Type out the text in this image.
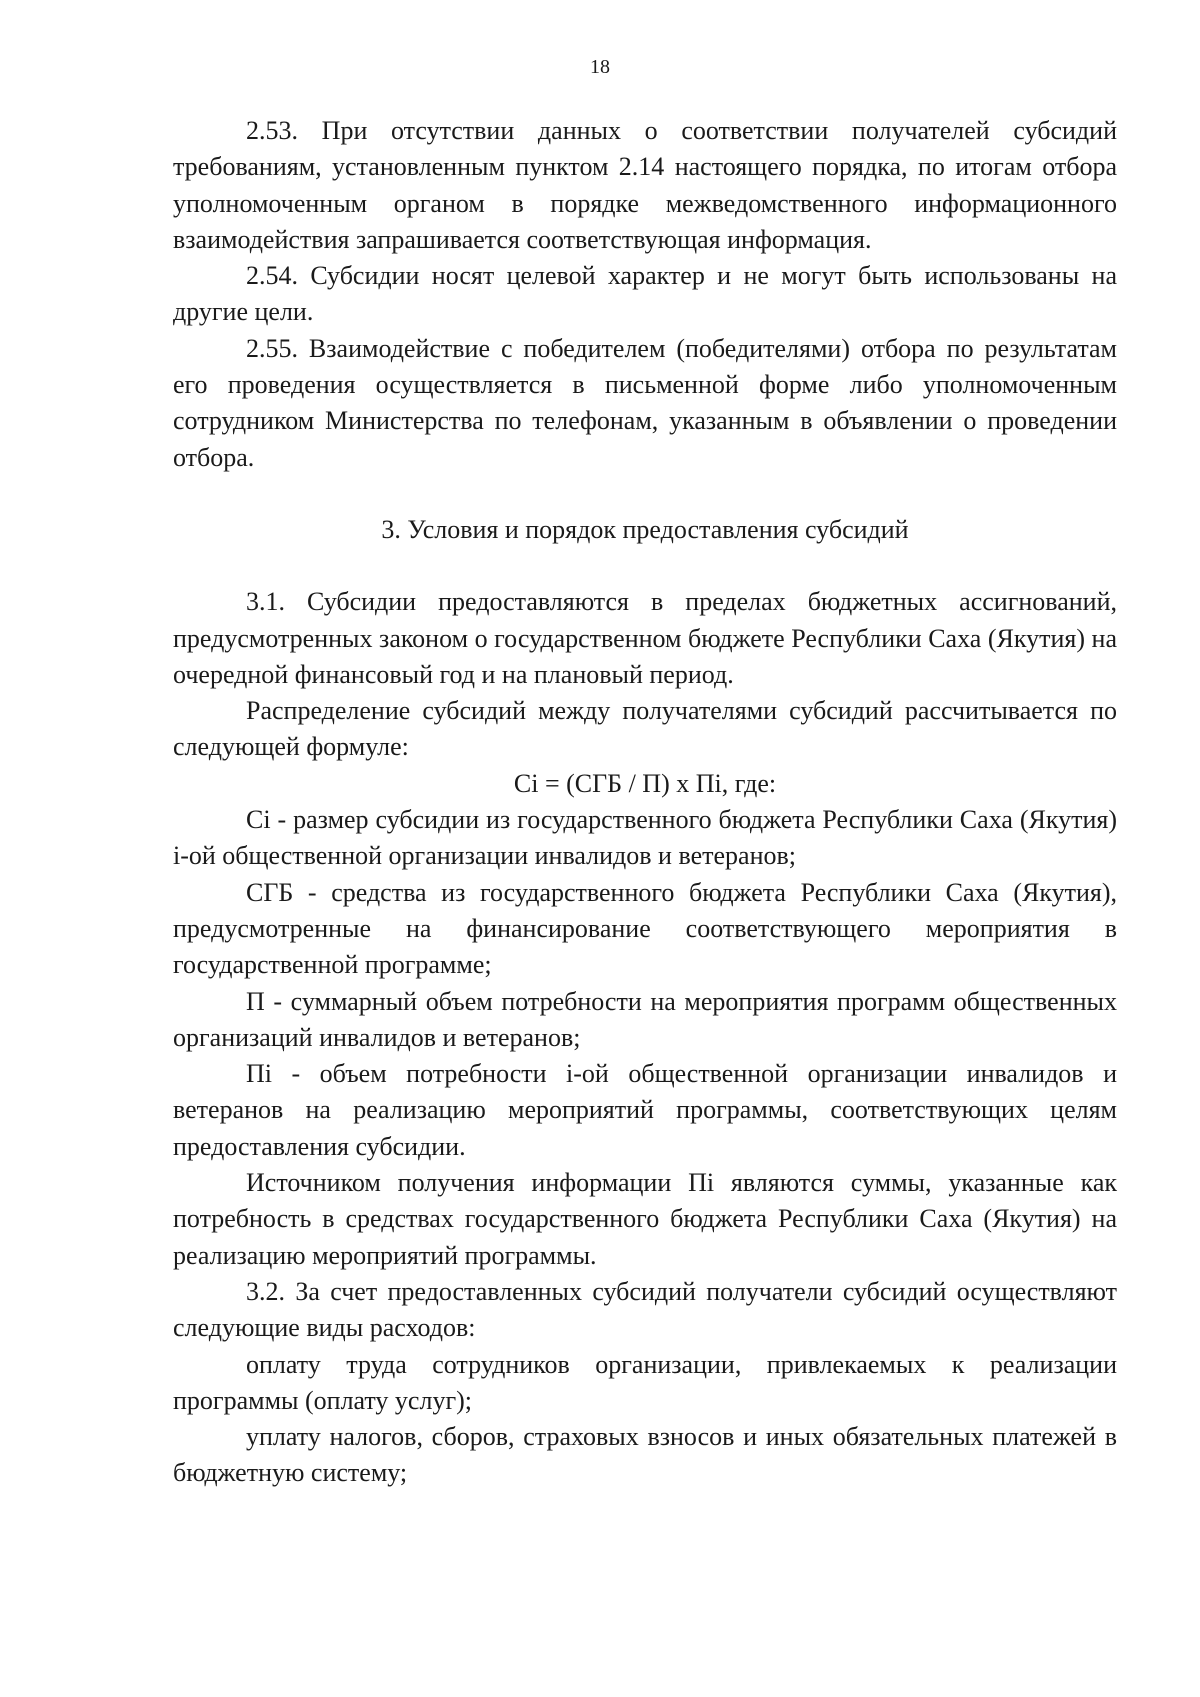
18

2.53. При отсутствии данных о соответствии получателей субсидий требованиям, установленным пунктом 2.14 настоящего порядка, по итогам отбора уполномоченным органом в порядке межведомственного информационного взаимодействия запрашивается соответствующая информация.

2.54. Субсидии носят целевой характер и не могут быть использованы на другие цели.

2.55. Взаимодействие с победителем (победителями) отбора по результатам его проведения осуществляется в письменной форме либо уполномоченным сотрудником Министерства по телефонам, указанным в объявлении о проведении отбора.

3. Условия и порядок предоставления субсидий

3.1. Субсидии предоставляются в пределах бюджетных ассигнований, предусмотренных законом о государственном бюджете Республики Саха (Якутия) на очередной финансовый год и на плановый период.

Распределение субсидий между получателями субсидий рассчитывается по следующей формуле:

Ci = (СГБ / П) x Пi, где:

Ci - размер субсидии из государственного бюджета Республики Саха (Якутия) i-ой общественной организации инвалидов и ветеранов;

СГБ - средства из государственного бюджета Республики Саха (Якутия), предусмотренные на финансирование соответствующего мероприятия в государственной программе;

П - суммарный объем потребности на мероприятия программ общественных организаций инвалидов и ветеранов;

Пi - объем потребности i-ой общественной организации инвалидов и ветеранов на реализацию мероприятий программы, соответствующих целям предоставления субсидии.

Источником получения информации Пi являются суммы, указанные как потребность в средствах государственного бюджета Республики Саха (Якутия) на реализацию мероприятий программы.

3.2. За счет предоставленных субсидий получатели субсидий осуществляют следующие виды расходов:

оплату труда сотрудников организации, привлекаемых к реализации программы (оплату услуг);

уплату налогов, сборов, страховых взносов и иных обязательных платежей в бюджетную систему;
